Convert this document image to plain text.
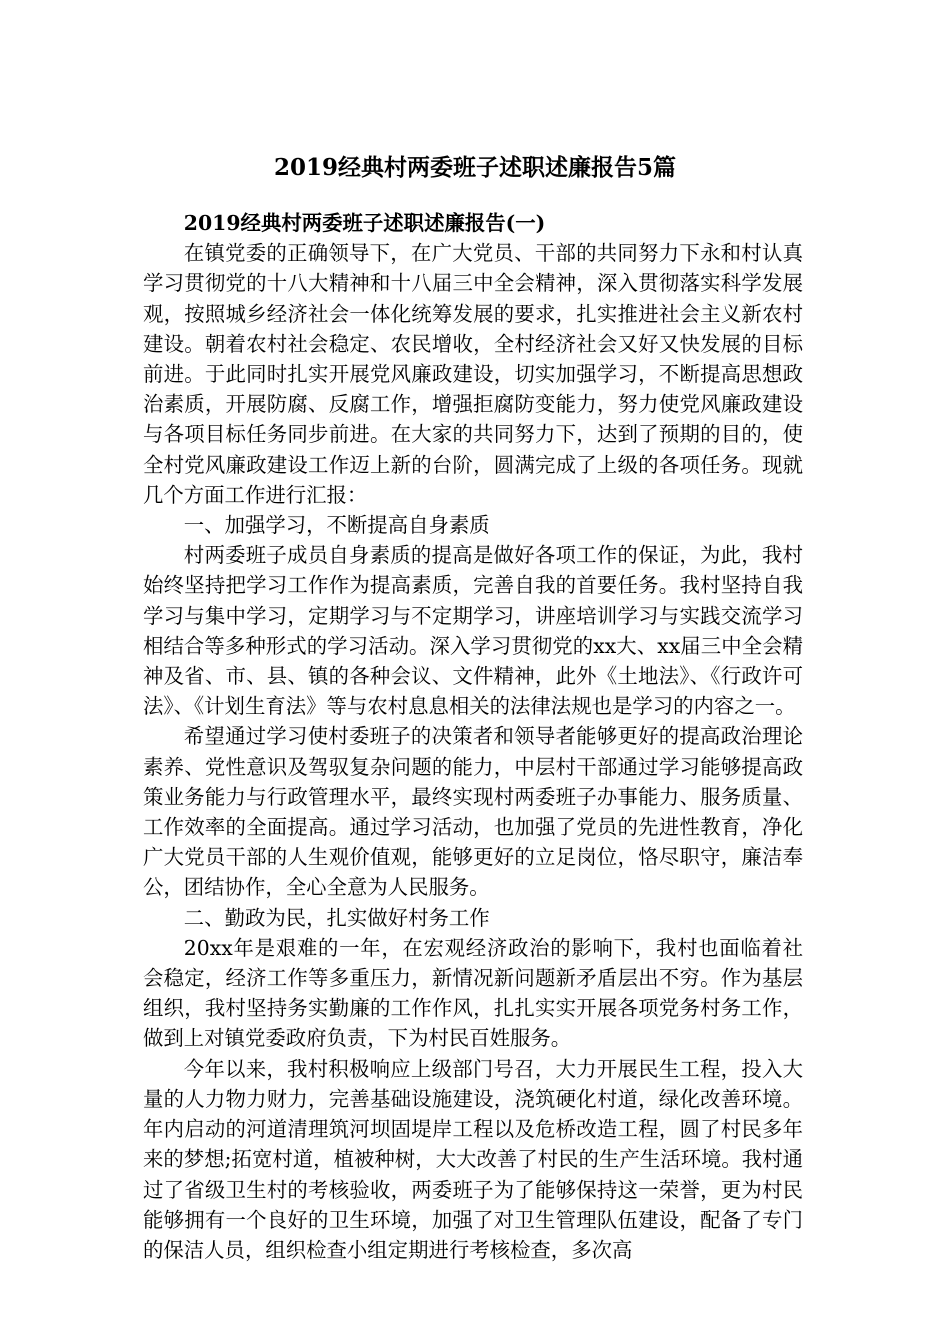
2019经典村两委班子述职述廉报告5篇

2019经典村两委班子述职述廉报告(一)

在镇党委的正确领导下，在广大党员、干部的共同努力下永和村认真学习贯彻党的十八大精神和十八届三中全会精神，深入贯彻落实科学发展观，按照城乡经济社会一体化统筹发展的要求，扎实推进社会主义新农村建设。朝着农村社会稳定、农民增收，全村经济社会又好又快发展的目标前进。于此同时扎实开展党风廉政建设，切实加强学习，不断提高思想政治素质，开展防腐、反腐工作，增强拒腐防变能力，努力使党风廉政建设与各项目标任务同步前进。在大家的共同努力下，达到了预期的目的，使全村党风廉政建设工作迈上新的台阶，圆满完成了上级的各项任务。现就几个方面工作进行汇报：

一、加强学习，不断提高自身素质

村两委班子成员自身素质的提高是做好各项工作的保证，为此，我村始终坚持把学习工作作为提高素质，完善自我的首要任务。我村坚持自我学习与集中学习，定期学习与不定期学习，讲座培训学习与实践交流学习相结合等多种形式的学习活动。深入学习贯彻党的xx大、xx届三中全会精神及省、市、县、镇的各种会议、文件精神，此外《土地法》、《行政许可法》、《计划生育法》等与农村息息相关的法律法规也是学习的内容之一。

希望通过学习使村委班子的决策者和领导者能够更好的提高政治理论素养、党性意识及驾驭复杂问题的能力，中层村干部通过学习能够提高政策业务能力与行政管理水平，最终实现村两委班子办事能力、服务质量、工作效率的全面提高。通过学习活动，也加强了党员的先进性教育，净化广大党员干部的人生观价值观，能够更好的立足岗位，恪尽职守，廉洁奉公，团结协作，全心全意为人民服务。

二、勤政为民，扎实做好村务工作

20xx年是艰难的一年，在宏观经济政治的影响下，我村也面临着社会稳定，经济工作等多重压力，新情况新问题新矛盾层出不穷。作为基层组织，我村坚持务实勤廉的工作作风，扎扎实实开展各项党务村务工作，做到上对镇党委政府负责，下为村民百姓服务。

今年以来，我村积极响应上级部门号召，大力开展民生工程，投入大量的人力物力财力，完善基础设施建设，浇筑硬化村道，绿化改善环境。年内启动的河道清理筑河坝固堤岸工程以及危桥改造工程，圆了村民多年来的梦想;拓宽村道，植被种树，大大改善了村民的生产生活环境。我村通过了省级卫生村的考核验收，两委班子为了能够保持这一荣誉，更为村民能够拥有一个良好的卫生环境，加强了对卫生管理队伍建设，配备了专门的保洁人员，组织检查小组定期进行考核检查，多次高
